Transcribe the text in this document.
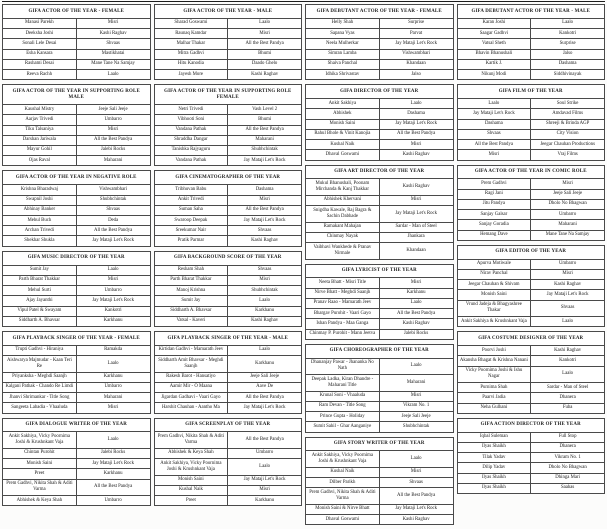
GIFA ACTOR OF THE YEAR - FEMALE	
Manasi Parekh	Misri
Deeksha Joshi	Kashi Raghav
Sonali Lele Desai	Shvaas
Esha Kansara	Mastikhatai
Rashami Desai	Mane Tane Na Samjay
Reeva Rachh	Laalo
GIFA ACTOR OF THE YEAR IN SUPPORTING ROLE MALE	
Kaushal Mistry	Jeeje Sali Jeeje
Aarjav Trivedi	Umbarro
Tiku Talsaniya	Misri
Darshan Jariwala	All the Best Pandya
Mayur Gohil	Jalebi Rocks
Ojas Raval	Maharani
GIFA ACTOR OF THE YEAR IN NEGATIVE ROLE	
Krishna Bharadwaj	Vishwambhari
Swapnil Joshi	Shubhchintak
Abhinay Banker	Shvaas
Mehul Buch	Deda
Archan Trivedi	All the Best Pandya
Shekhar Shukla	Jay Mataji Let's Rock
GIFA MUSIC DIRECTOR OF THE YEAR	
Sumit Jay	Laalo
Parth Bharat Thakkar	Misri
Mehul Surti	Umbarro
Ajay Jayanthi	Jay Mataji Let's Rock
Vipul Patel & Swayam	Kankotri
Siddharth A. Bhavsar	Karkhanu
GIFA PLAYBACK SINGER OF THE YEAR - FEMALE	
Trupti Gadhvi - Hiraniya	Ramakda
Aishwarya Majmudar - Kaan Teri Re	Laalo
Priyanksha - Meghdi Saanjh	Karkhanu
Kalgani Pathak - Chando Re Limdi	Umbarro
Jhanvi Shrimankar - Title Song	Maharani
Sangeeta Labadia - Vhaaluda	Misri
GIFA DIALOGUE WRITER OF THE YEAR	
Ankit Sakhiya, Vicky Poornima Joshi & Krushnkant Vaja	Laalo
Chintan Purohit	Jalebi Rocks
Monish Saini	Jay Mataji Let's Rock
Preet	Karkhanu
Prem Gadhvi, Nikita Shah & Aditi Varma	All the Best Pandya
Abhishek & Keya Shah	Umbarro
GIFA ACTOR OF THE YEAR - MALE	
Sharad Goswami	Laalo
Raunaq Kamdar	Misri
Malhar Thakar	All the Best Pandya
Mitra Gadhvi	Bhumi
Hitu Kanodia	Daado Ghelo
Jayesh More	Kashi Raghav
GIFA ACTOR OF THE YEAR IN SUPPORTING ROLE FEMALE	
Netri Trivedi	Vash Level 2
Vibhooti Soni	Bhumi
Vandana Pathak	All the Best Pandya
Shraddha Dangar	Maharani
Tanishka Rajyaguru	Shubhchintak
Vandana Pathak	Jay Mataji Let's Rock
GIFA CINEMATOGRAPHER OF THE YEAR	
Tribhuvan Babu	Dashama
Ankit Trivedi	Misri
Suman Saha	All the Best Pandya
Swaroop Deepak	Jay Mataji Let's Rock
Sreekumar Nair	Shvaas
Pratik Parmar	Kashi Raghav
GIFA BACKGROUND SCORE OF THE YEAR	
Resham Shah	Shvaas
Parth Bharat Thakkar	Misri
Manoj Krishna	Shubhchintak
Sumit Jay	Laalo
Siddharth A. Bhavsar	Karkhanu
Vatsal - Kaveri	Kashi Raghav
GIFA PLAYBACK SINGER OF THE YEAR - MALE	
Kirtidan Gadhvi - Mamarath Jeev	Laalo
Siddharth Amit Bhavsar - Meghdi Saanjh	Karkhanu
Rakesh Barot - Hansatiyo	Jeeje Sali Jeeje
Aamir Mir - O Maana	Aave De
Jigardan Gadhavi - Vaari Gayo	All the Best Pandya
Harshit Chauhan - Aantho Ma	Jay Mataji Let's Rock
GIFA SCREENPLAY OF THE YEAR	
Prem Gadhvi, Nikita Shah & Aditi Varma	All the Best Pandya
Abhishek & Keya Shah	Umbarro
Ankit Sakhiya, Vicky Poornima Joshi & Krushnkant Vaja	Laalo
Monish Saini	Jay Mataji Let's Rock
Kushal Naik	Misri
Preet	Karkhanu
GIFA DEBUTANT ACTOR OF THE YEAR - FEMALE	
Helly Shah	Surprise
Sapana Vyas	Parvat
Neela Mulherkar	Jay Mataji Let's Rock
Simran Lamba	Vishwambhari
Shaiva Panchal	Khandaan
Idhika Shrivastav	Jalso
GIFA DIRECTOR OF THE YEAR	
Ankit Sakhiya	Laalo
Abhishek	Dashama
Monish Saini	Jay Mataji Let's Rock
Rahul Bhole & Vinit Kanojia	All the Best Pandya
Kushal Naik	Misri
Dhaval Goswami	Kashi Raghav
GIFA ART DIRECTOR OF THE YEAR	
Mukul Bhanushali, Poonam Mirchanda & Kanj Thakkar	Kashi Raghav
Abhishek Khervani	Misri
Snigdha Kawale, Raj Bagra & Sachin Dabhade	Jay Mataji Let's Rock
Ramakant Mahajan	Sardar - Man of Steel
Chinmay Nayak	Jhankara
Vaibhavi Wankhede & Pranav Nirmale	Khandaan
GIFA LYRICIST OF THE YEAR	
Neeta Bhatt - Misri Title	Misri
Nirve Bhatt - Meghdi Saanjh	Karkhanu
Pranav Raao - Mamarath Jeev	Laalo
Bhargav Purohit - Vaari Gayo	All the Best Pandya
Ishan Pandya - Maa Ganga	Kashi Raghav
Chinmay P. Purohit - Mann Jeetva	Jalebi Rocks
GIFA CHOREOGRAPHER OF THE YEAR	
Dhananjay Pawar - Jhananka No Nath	Laalo
Deepak Ladka, Kiran Dhandre - Maharani Title	Maharani
Krunal Soni - Vhaaluda	Misri
Ram Devan - Title Song	Vikram No. 1
Prince Gupta - Holiday	Jeeje Sali Jeeje
Sumit Sahil - Ghar Aanganiye	Shubhchintak
GIFA STORY WRITER OF THE YEAR	
Ankit Sakhiya, Vicky Poornima Joshi & Krushnkant Vaja	Laalo
Kushal Naik	Misri
Dilber Parikh	Shvaas
Prem Gadhvi, Nikita Shah & Aditi Varma	All the Best Pandya
Monish Saini & Nirve Bhatt	Jay Mataji Let's Rock
Dhaval Goswami	Kashi Raghav
GIFA DEBUTANT ACTOR OF THE YEAR - MALE	
Karan Joshi	Laalo
Saagar Gadhvi	Kankotri
Vatsal Sheth	Surprise
Bhavin Bhanushali	Jalso
Kartik J.	Dashama
Nikunj Modi	Siddhivinayak
GIFA FILM OF THE YEAR	
Laalo	Soul Strike
Jay Mataji Let's Rock	Amdavad Films
Dashama	Shreeji & Brinda AGP
Shvaas	City Vision
All the Best Pandya	Jeegar Chauhan Productions
Misri	Vraj Films
GIFA ACTOR OF THE YEAR IN COMIC ROLE	
Prem Gadhvi	Misri
Ragi Jani	Jeeje Sali Jeeje
Jitu Pandya	Dholo No Bhagwan
Sanjay Galsar	Umbarro
Sanjay Goradia	Maharani
Hemang Dave	Mane Tane Na Samjay
GIFA EDITOR OF THE YEAR	
Apurva Motiwale	Umbarro
Nirav Panchal	Misri
Jeegar Chauhan & Shivam	Kashi Raghav
Monish Saini	Jay Mataji Let's Rock
Vrund Jadeja & Bhagyashree Thakar	Shvaas
Ankit Sakhiya & Krushnkant Vaja	Laalo
GIFA COSTUME DESIGNER OF THE YEAR	
Poorvi Joshi	Kashi Raghav
Akansha Bhagat & Krishna Nanani	Kankotri
Vicky Poornima Joshi & Ishu Nagar	Laalo
Purnima Shah	Sardar - Man of Steel
Paarvi Jadia	Dhanera
Neha Gulhani	Fuba
GIFA ACTION DIRECTOR OF THE YEAR	
Iqbal Suleman	Full Stop
Ilyas Shaikh	Dhanera
Tilak Yadav	Vikram No. 1
Dilip Yadav	Dholo No Bhagwan
Ilyas Shaikh	Dhinga Mari
Ilyas Shaikh	Saahas
